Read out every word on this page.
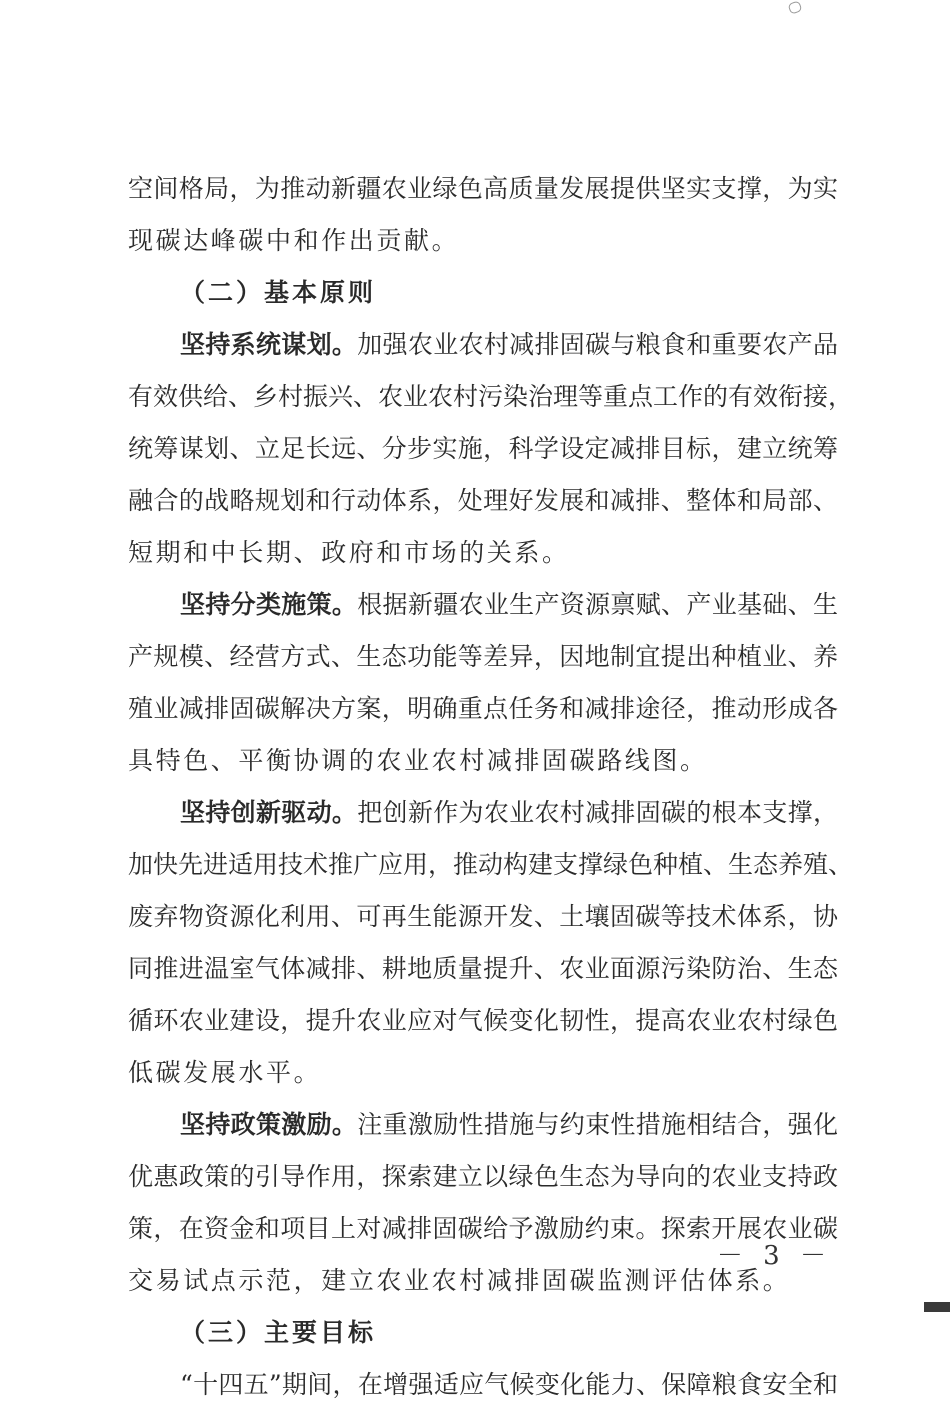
空间格局，为推动新疆农业绿色高质量发展提供坚实支撑，为实
现碳达峰碳中和作出贡献。
（二）基本原则
坚持系统谋划。加强农业农村减排固碳与粮食和重要农产品
有效供给、乡村振兴、农业农村污染治理等重点工作的有效衔接，
统筹谋划、立足长远、分步实施，科学设定减排目标，建立统筹
融合的战略规划和行动体系，处理好发展和减排、整体和局部、
短期和中长期、政府和市场的关系。
坚持分类施策。根据新疆农业生产资源禀赋、产业基础、生
产规模、经营方式、生态功能等差异，因地制宜提出种植业、养
殖业减排固碳解决方案，明确重点任务和减排途径，推动形成各
具特色、平衡协调的农业农村减排固碳路线图。
坚持创新驱动。把创新作为农业农村减排固碳的根本支撑，
加快先进适用技术推广应用，推动构建支撑绿色种植、生态养殖、
废弃物资源化利用、可再生能源开发、土壤固碳等技术体系，协
同推进温室气体减排、耕地质量提升、农业面源污染防治、生态
循环农业建设，提升农业应对气候变化韧性，提高农业农村绿色
低碳发展水平。
坚持政策激励。注重激励性措施与约束性措施相结合，强化
优惠政策的引导作用，探索建立以绿色生态为导向的农业支持政
策，在资金和项目上对减排固碳给予激励约束。探索开展农业碳
交易试点示范，建立农业农村减排固碳监测评估体系。
（三）主要目标
“十四五”期间，在增强适应气候变化能力、保障粮食安全和
－ 3 －
